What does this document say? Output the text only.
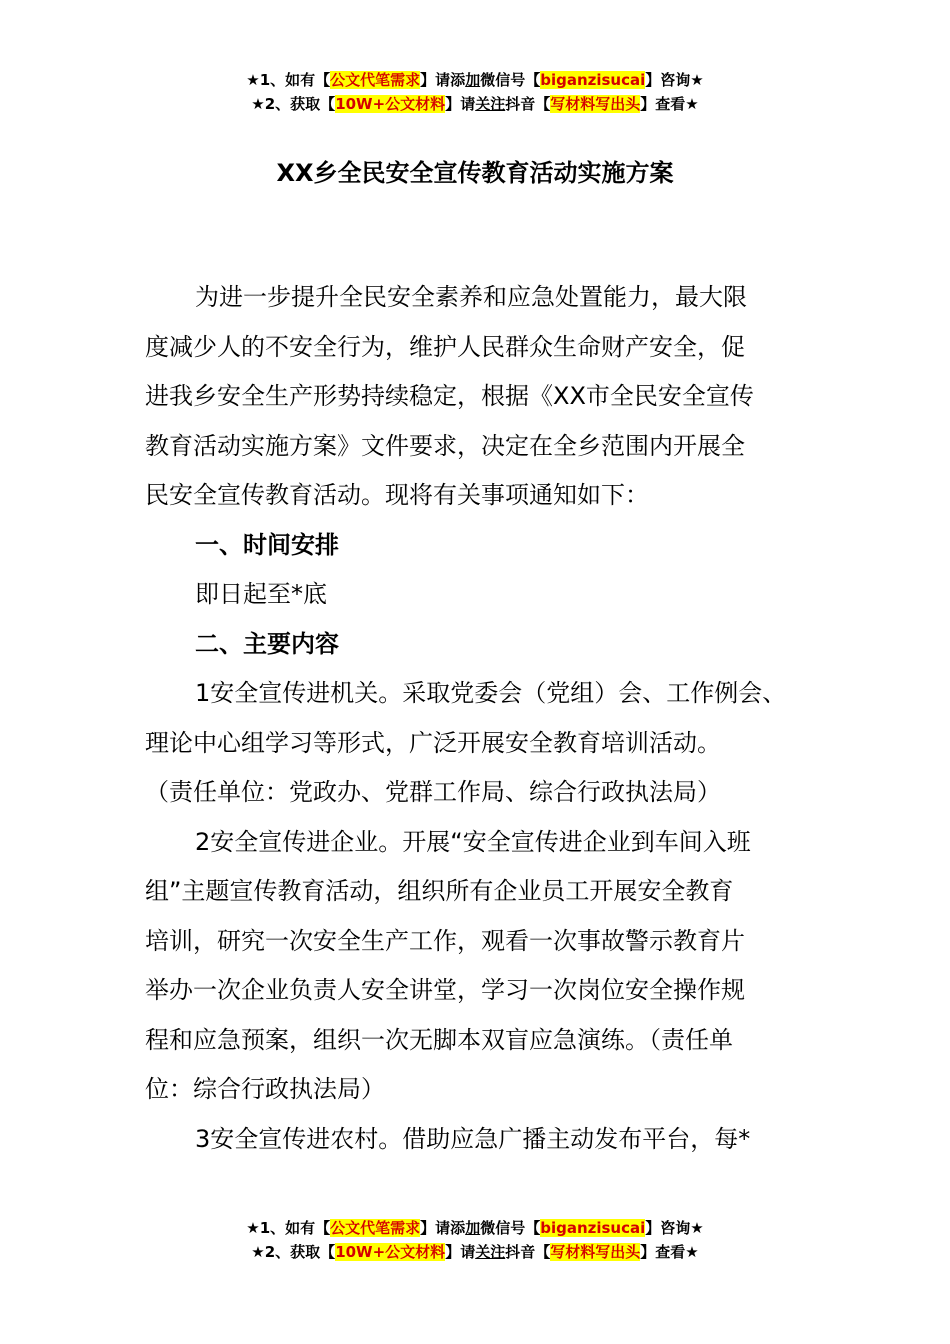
★1、如有【公文代笔需求】请添加微信号【biganzisucai】咨询★
★2、获取【10W+公文材料】请关注抖音【写材料写出头】查看★
XX乡全民安全宣传教育活动实施方案
为进一步提升全民安全素养和应急处置能力，最大限
度减少人的不安全行为，维护人民群众生命财产安全，促
进我乡安全生产形势持续稳定，根据《XX市全民安全宣传
教育活动实施方案》文件要求，决定在全乡范围内开展全
民安全宣传教育活动。现将有关事项通知如下：
一、时间安排
即日起至*底
二、主要内容
1安全宣传进机关。采取党委会（党组）会、工作例会、
理论中心组学习等形式，广泛开展安全教育培训活动。
（责任单位：党政办、党群工作局、综合行政执法局）
2安全宣传进企业。开展“安全宣传进企业到车间入班
组”主题宣传教育活动，组织所有企业员工开展安全教育
培训，研究一次安全生产工作，观看一次事故警示教育片
举办一次企业负责人安全讲堂，学习一次岗位安全操作规
程和应急预案，组织一次无脚本双盲应急演练。（责任单
位：综合行政执法局）
3安全宣传进农村。借助应急广播主动发布平台，每*
★1、如有【公文代笔需求】请添加微信号【biganzisucai】咨询★
★2、获取【10W+公文材料】请关注抖音【写材料写出头】查看★
